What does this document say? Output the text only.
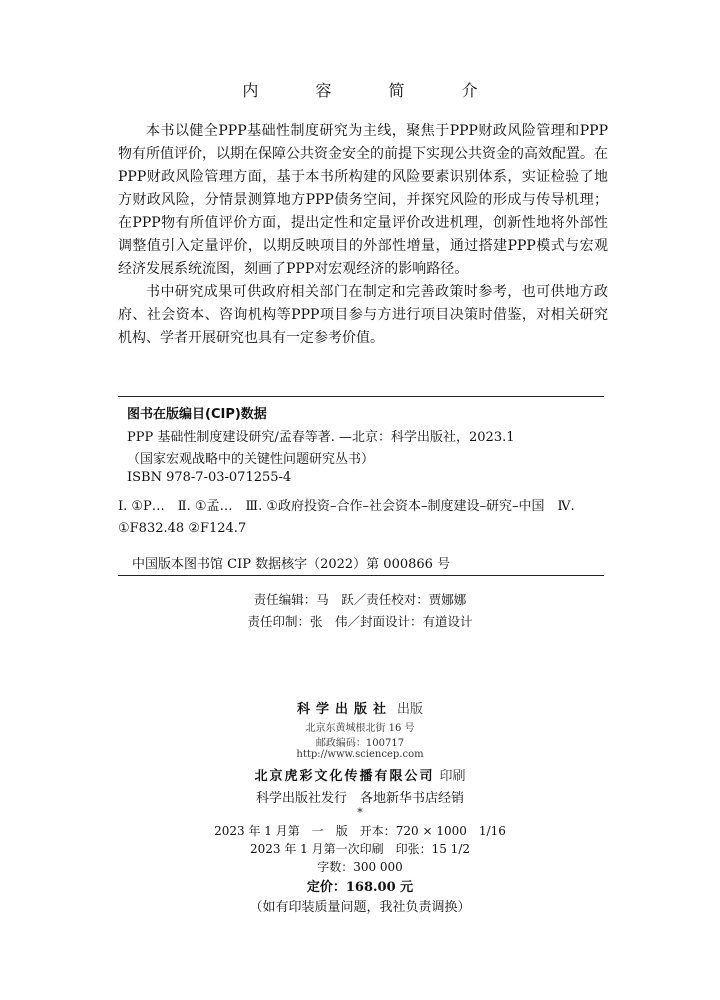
内 容 简 介

本书以健全PPP基础性制度研究为主线，聚焦于PPP财政风险管理和PPP物有所值评价，以期在保障公共资金安全的前提下实现公共资金的高效配置。在PPP财政风险管理方面，基于本书所构建的风险要素识别体系，实证检验了地方财政风险，分情景测算地方PPP债务空间，并探究风险的形成与传导机理；在PPP物有所值评价方面，提出定性和定量评价改进机理，创新性地将外部性调整值引入定量评价，以期反映项目的外部性增量，通过搭建PPP模式与宏观经济发展系统流图，刻画了PPP对宏观经济的影响路径。

书中研究成果可供政府相关部门在制定和完善政策时参考，也可供地方政府、社会资本、咨询机构等PPP项目参与方进行项目决策时借鉴，对相关研究机构、学者开展研究也具有一定参考价值。

图书在版编目(CIP)数据
PPP 基础性制度建设研究/孟春等著. —北京：科学出版社，2023.1
（国家宏观战略中的关键性问题研究丛书）
ISBN 978-7-03-071255-4
Ⅰ. ①P…　Ⅱ. ①孟…　Ⅲ. ①政府投资–合作–社会资本–制度建设–研究–中国　Ⅳ. ①F832.48 ②F124.7
中国版本图书馆 CIP 数据核字（2022）第 000866 号
责任编辑：马　跃／责任校对：贾娜娜
责任印制：张　伟／封面设计：有道设计
科学出版社 出版
北京东黄城根北街 16 号
邮政编码：100717
http://www.sciencep.com
北京虎彩文化传播有限公司 印刷
科学出版社发行　各地新华书店经销
*
2023 年 1 月第　一　版　开本：720 × 1000　1/16
2023 年 1 月第一次印刷　印张：15 1/2
字数：300 000
定价：168.00 元
（如有印装质量问题，我社负责调换）
